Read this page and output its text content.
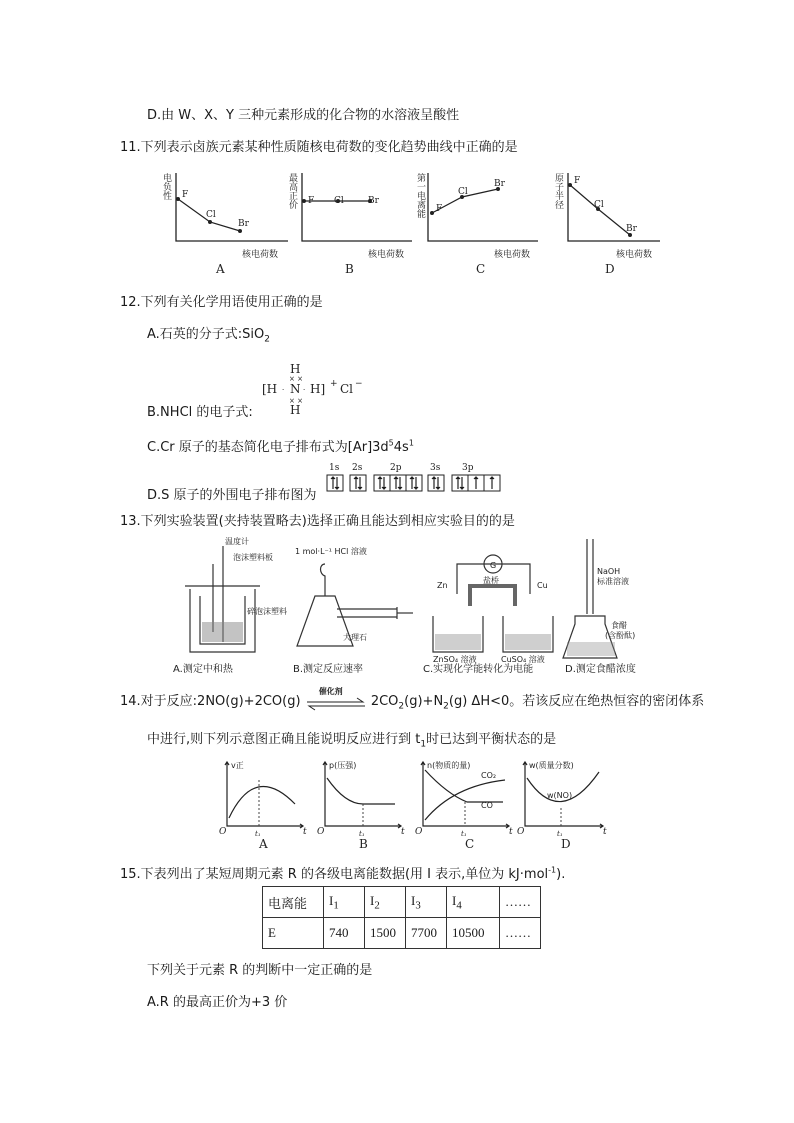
D.由 W、X、Y 三种元素形成的化合物的水溶液呈酸性
11.下列表示卤族元素某种性质随核电荷数的变化趋势曲线中正确的是
F
Cl
Br
F Cl	Br
F
Cl
Br	F
Cl
Br
电负性	最高正价	第一电离能	原子半径
核电荷数	核电荷数	核电荷数	核电荷数
A	B	C	D
12.下列有关化学用语使用正确的是
A.石英的分子式:SiO$_2$
[H
H
N
H
H] + Cl −
× ×
× ×
·	·
B.NHCl 的电子式:
C.Cr 原子的基态简化电子排布式为$[Ar]3d^54s^1$
1s 2s	2p	3s 3p
D.S 原子的外围电子排布图为
13.下列实验装置(夹持装置略去)选择正确且能达到相应实验目的的是
温度计
泡沫塑料板
碎泡沫塑料
1 mol·L⁻¹ HCl 溶液
大理石
G
盐桥
Zn	Cu
ZnSO₄ 溶液	CuSO₄ 溶液
NaOH
标准溶液
食醋
(含酚酞)
A.测定中和热	B.测定反应速率	C.实现化学能转化为电能	D.测定食醋浓度
14.对于反应:2NO(g)+2CO(g)
催化剂
$2CO_2(g)+N_2(g)$ ΔH<0。若该反应在绝热恒容的密闭体系
中进行,则下列示意图正确且能说明反应进行到 $t_1$时已达到平衡状态的是
v正	p(压强)	n(物质的量)	w(质量分数)
CO₂
CO
w(NO)
O	t₁	t O	t₁	t O	t₁	t O	t₁	t
A	B	C	D
15.下表列出了某短周期元素 R 的各级电离能数据(用 I 表示,单位为 kJ·mol$^{-1}$).
电离能	$I_1$	$I_2$	$I_3$	$I_4$	……
E	740	1500	7700	10500	……
下列关于元素 R 的判断中一定正确的是
A.R 的最高正价为+3 价
